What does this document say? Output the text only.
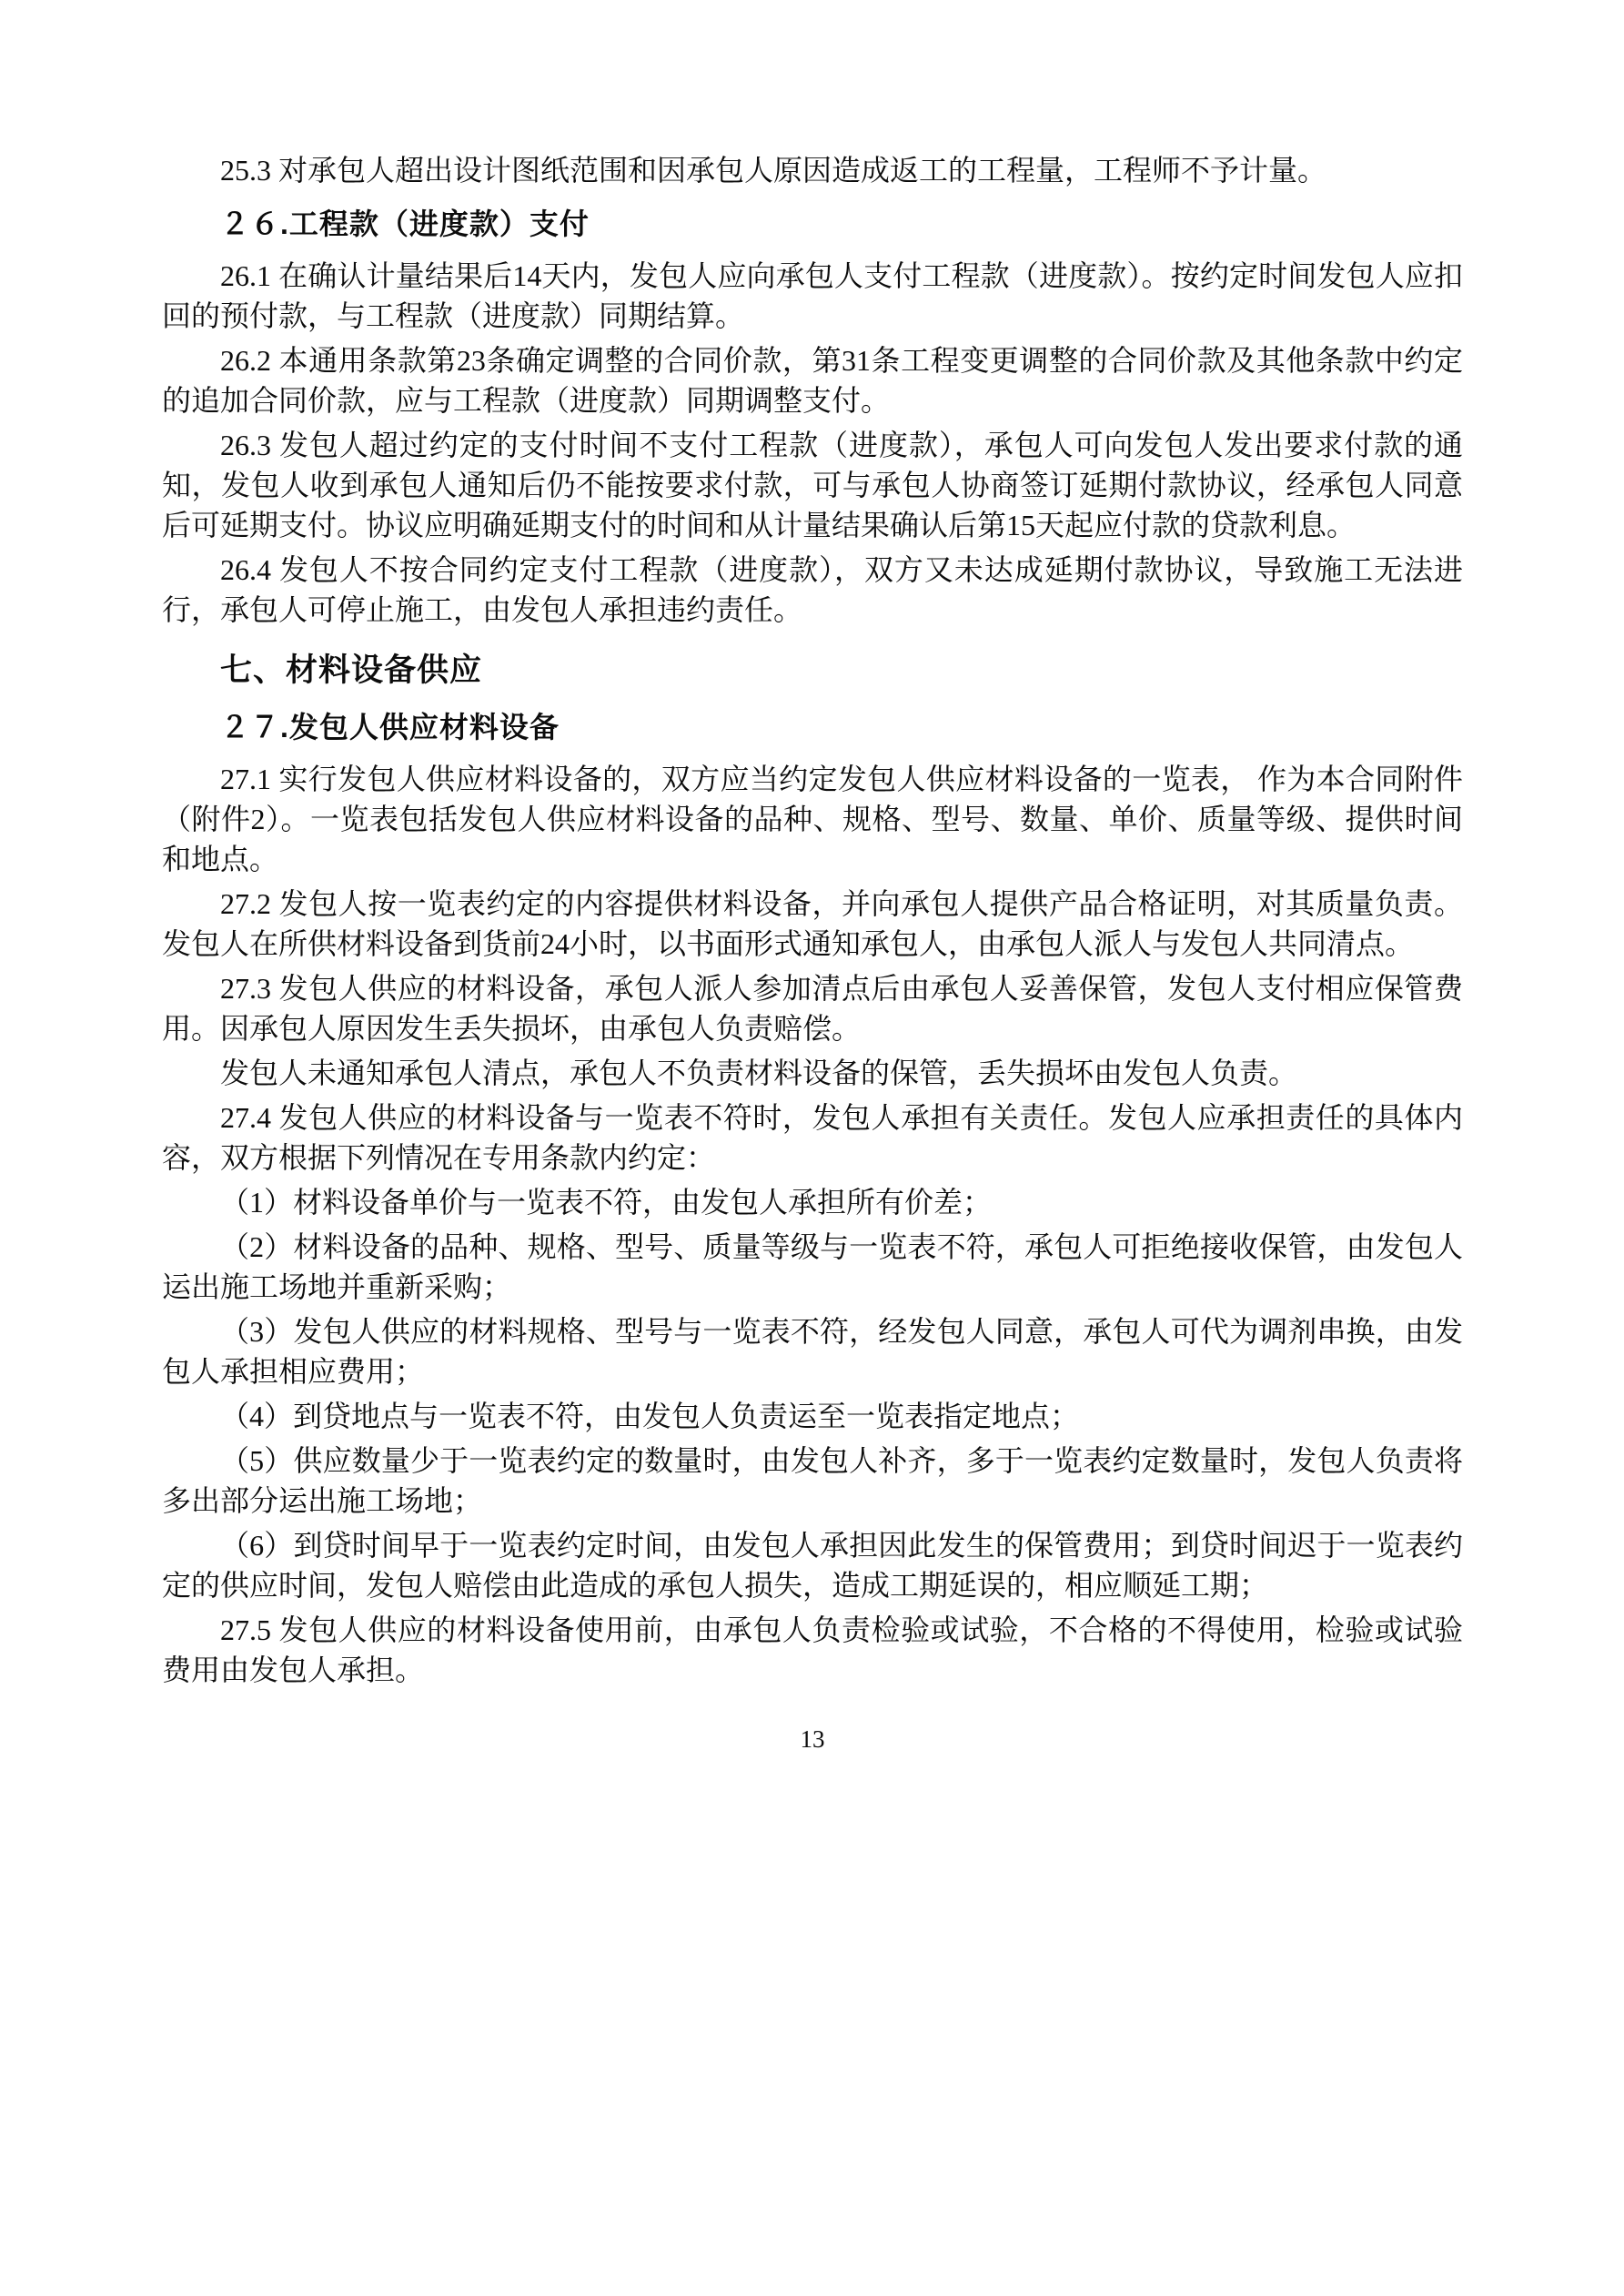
25.3 对承包人超出设计图纸范围和因承包人原因造成返工的工程量，工程师不予计量。

２６.工程款（进度款）支付

26.1 在确认计量结果后14天内，发包人应向承包人支付工程款（进度款）。按约定时间发包人应扣回的预付款，与工程款（进度款）同期结算。

26.2 本通用条款第23条确定调整的合同价款，第31条工程变更调整的合同价款及其他条款中约定的追加合同价款，应与工程款（进度款）同期调整支付。

26.3 发包人超过约定的支付时间不支付工程款（进度款），承包人可向发包人发出要求付款的通知，发包人收到承包人通知后仍不能按要求付款，可与承包人协商签订延期付款协议，经承包人同意后可延期支付。协议应明确延期支付的时间和从计量结果确认后第15天起应付款的贷款利息。

26.4 发包人不按合同约定支付工程款（进度款），双方又未达成延期付款协议，导致施工无法进行，承包人可停止施工，由发包人承担违约责任。

七、材料设备供应
２７.发包人供应材料设备

27.1 实行发包人供应材料设备的，双方应当约定发包人供应材料设备的一览表， 作为本合同附件（附件2）。一览表包括发包人供应材料设备的品种、规格、型号、数量、单价、质量等级、提供时间和地点。

27.2 发包人按一览表约定的内容提供材料设备，并向承包人提供产品合格证明，对其质量负责。发包人在所供材料设备到货前24小时，以书面形式通知承包人，由承包人派人与发包人共同清点。

27.3 发包人供应的材料设备，承包人派人参加清点后由承包人妥善保管，发包人支付相应保管费用。因承包人原因发生丢失损坏，由承包人负责赔偿。

发包人未通知承包人清点，承包人不负责材料设备的保管，丢失损坏由发包人负责。

27.4 发包人供应的材料设备与一览表不符时，发包人承担有关责任。发包人应承担责任的具体内容，双方根据下列情况在专用条款内约定：

（1）材料设备单价与一览表不符，由发包人承担所有价差；

（2）材料设备的品种、规格、型号、质量等级与一览表不符，承包人可拒绝接收保管，由发包人运出施工场地并重新采购；

（3）发包人供应的材料规格、型号与一览表不符，经发包人同意，承包人可代为调剂串换，由发包人承担相应费用；

（4）到贷地点与一览表不符，由发包人负责运至一览表指定地点；

（5）供应数量少于一览表约定的数量时，由发包人补齐，多于一览表约定数量时，发包人负责将多出部分运出施工场地；

（6）到贷时间早于一览表约定时间，由发包人承担因此发生的保管费用；到贷时间迟于一览表约定的供应时间，发包人赔偿由此造成的承包人损失，造成工期延误的，相应顺延工期；

27.5 发包人供应的材料设备使用前，由承包人负责检验或试验，不合格的不得使用，检验或试验费用由发包人承担。

13
